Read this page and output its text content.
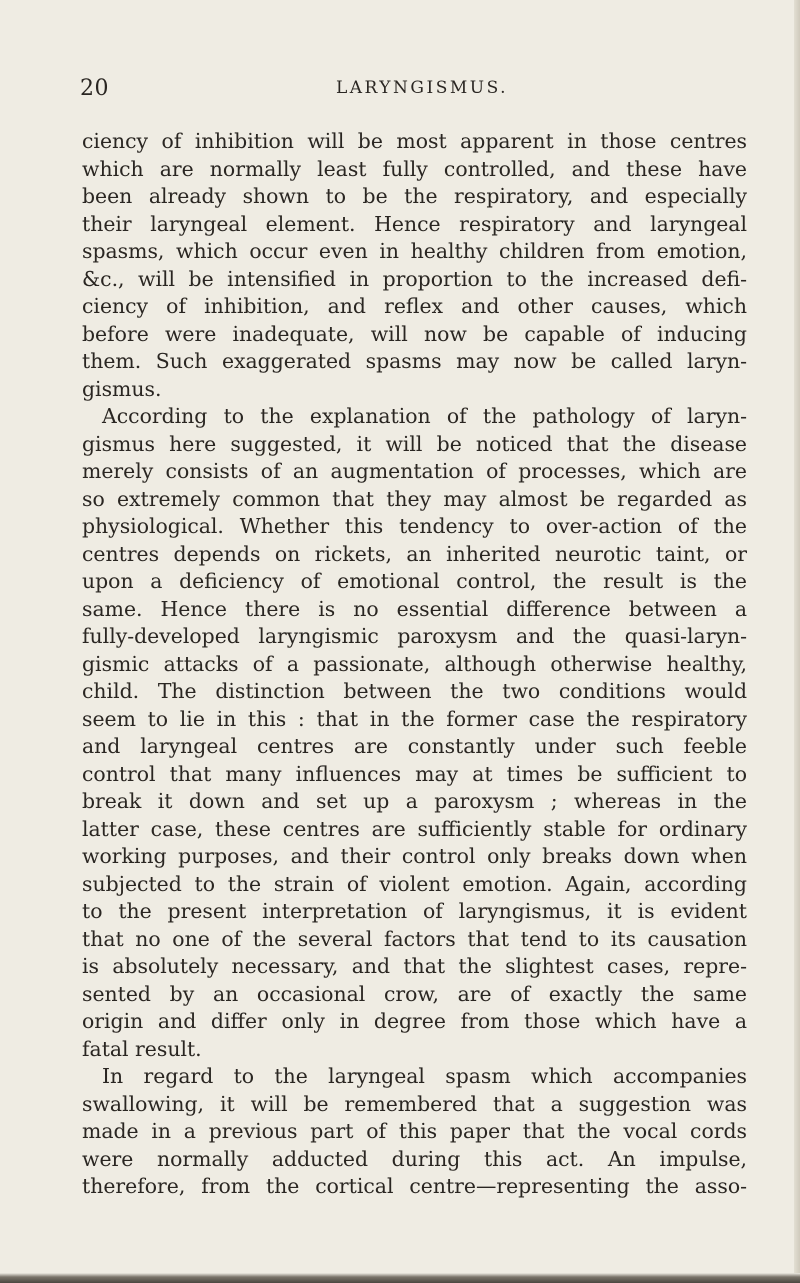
20	LARYNGISMUS.
ciency of inhibition will be most apparent in those centres
which are normally least fully controlled, and these have
been already shown to be the respiratory, and especially
their laryngeal element. Hence respiratory and laryngeal
spasms, which occur even in healthy children from emotion,
&c., will be intensified in proportion to the increased defi-
ciency of inhibition, and reflex and other causes, which
before were inadequate, will now be capable of inducing
them. Such exaggerated spasms may now be called laryn-
gismus.
According to the explanation of the pathology of laryn-
gismus here suggested, it will be noticed that the disease
merely consists of an augmentation of processes, which are
so extremely common that they may almost be regarded as
physiological. Whether this tendency to over-action of the
centres depends on rickets, an inherited neurotic taint, or
upon a deficiency of emotional control, the result is the
same. Hence there is no essential difference between a
fully-developed laryngismic paroxysm and the quasi-laryn-
gismic attacks of a passionate, although otherwise healthy,
child. The distinction between the two conditions would
seem to lie in this : that in the former case the respiratory
and laryngeal centres are constantly under such feeble
control that many influences may at times be sufficient to
break it down and set up a paroxysm ; whereas in the
latter case, these centres are sufficiently stable for ordinary
working purposes, and their control only breaks down when
subjected to the strain of violent emotion. Again, according
to the present interpretation of laryngismus, it is evident
that no one of the several factors that tend to its causation
is absolutely necessary, and that the slightest cases, repre-
sented by an occasional crow, are of exactly the same
origin and differ only in degree from those which have a
fatal result.
In regard to the laryngeal spasm which accompanies
swallowing, it will be remembered that a suggestion was
made in a previous part of this paper that the vocal cords
were normally adducted during this act. An impulse,
therefore, from the cortical centre—representing the asso-
